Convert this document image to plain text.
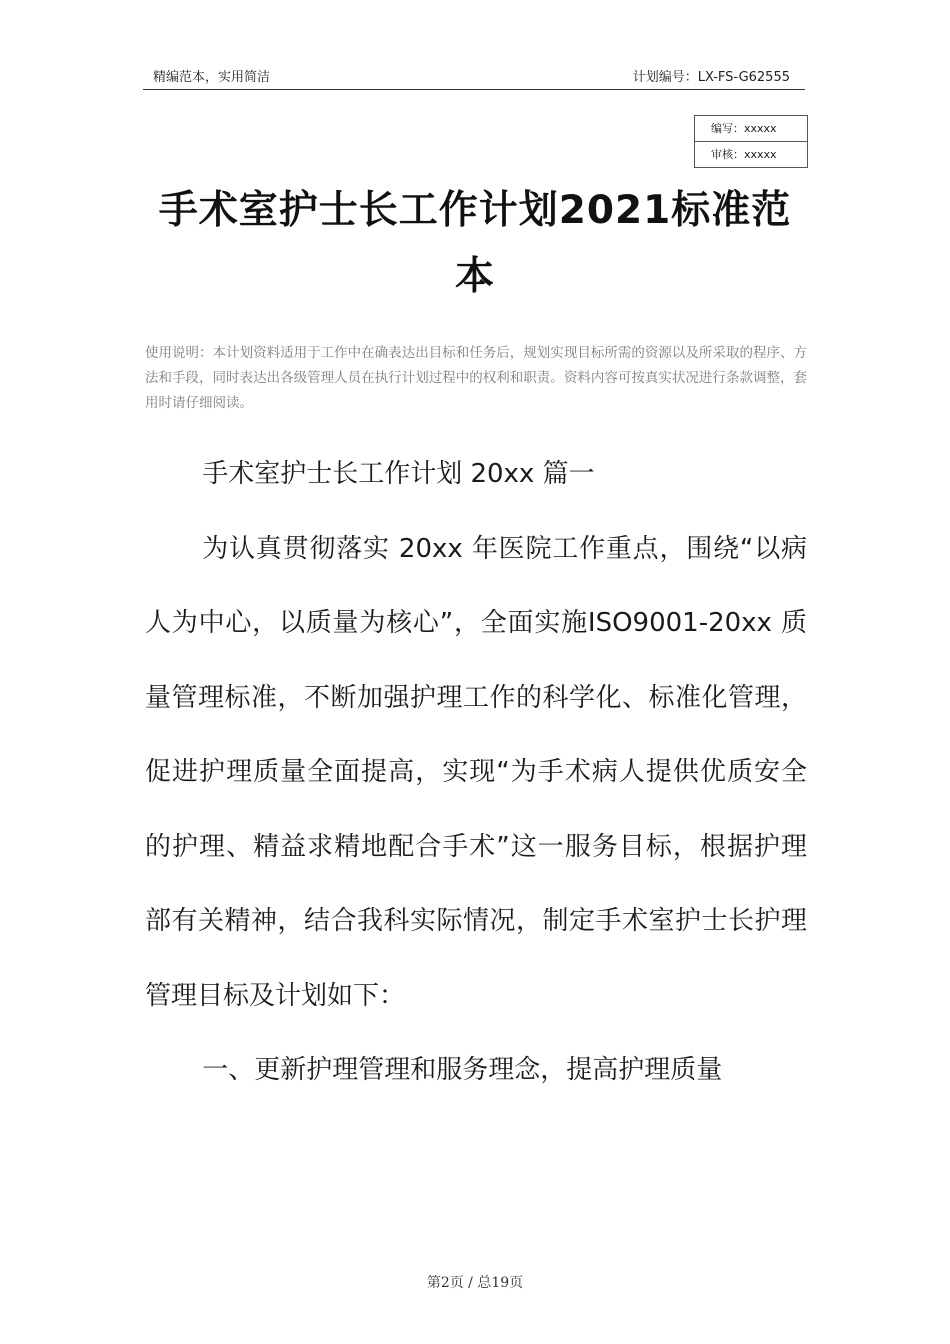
精编范本，实用简洁	计划编号：LX-FS-G62555
编写：xxxxx
审核：xxxxx
手术室护士长工作计划2021标准范本

使用说明：本计划资料适用于工作中在确表达出目标和任务后，规划实现目标所需的资源以及所采取的程序、方法和手段，同时表达出各级管理人员在执行计划过程中的权利和职责。资料内容可按真实状况进行条款调整，套用时请仔细阅读。

手术室护士长工作计划 20xx 篇一

为认真贯彻落实 20xx 年医院工作重点，围绕“以病人为中心，以质量为核心”，全面实施ISO9001-20xx 质量管理标准，不断加强护理工作的科学化、标准化管理，促进护理质量全面提高，实现“为手术病人提供优质安全的护理、精益求精地配合手术”这一服务目标，根据护理部有关精神，结合我科实际情况，制定手术室护士长护理管理目标及计划如下：

一、更新护理管理和服务理念，提高护理质量

第2页 / 总19页
